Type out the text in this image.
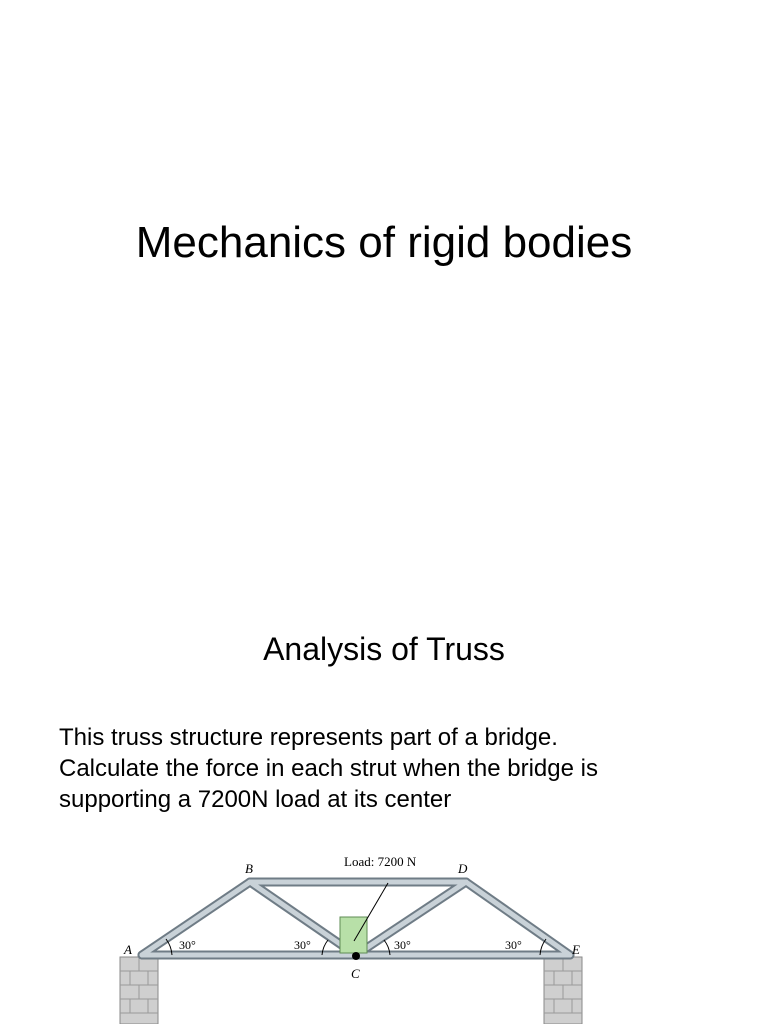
Mechanics of rigid bodies
Analysis of Truss
This truss structure represents part of a bridge.
Calculate the force in each strut when the bridge is
supporting a 7200N load at its center
A
B
C
D
E
30°	30°	30°	30°
Load: 7200 N
